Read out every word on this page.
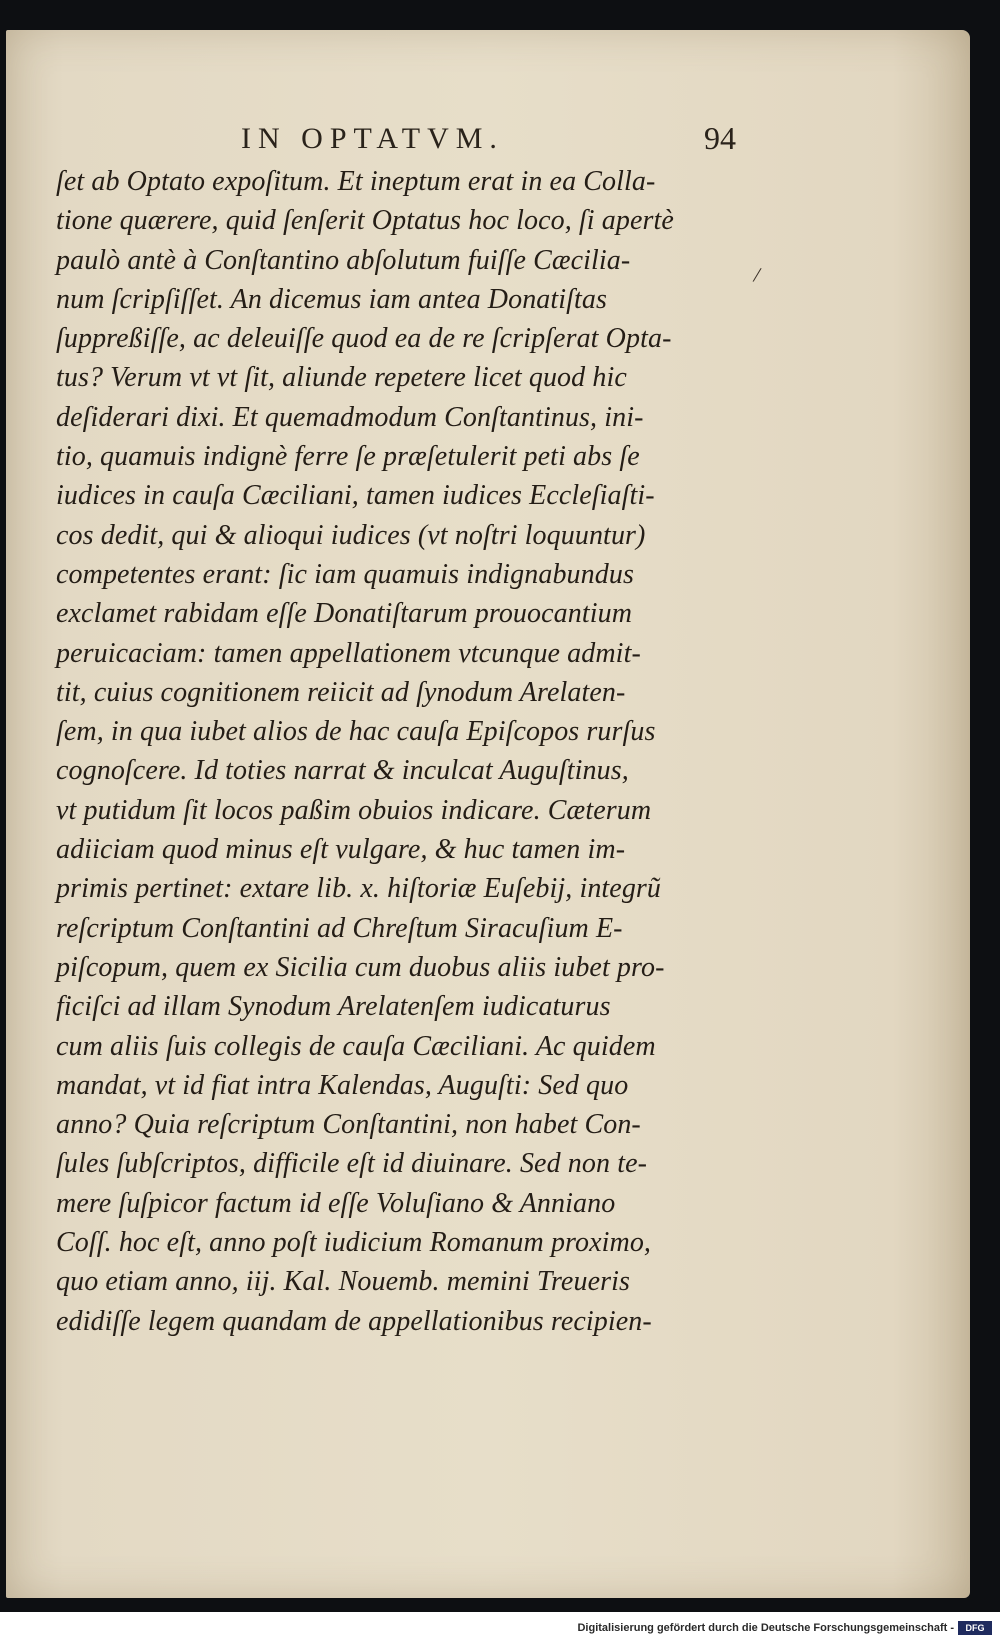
IN OPTATVM.	94
/
ſet ab Optato expoſitum. Et ineptum erat in ea Colla-
tione quærere, quid ſenſerit Optatus hoc loco, ſi apertè
paulò antè à Conſtantino abſolutum fuiſſe Cæcilia-
num ſcripſiſſet. An dicemus iam antea Donatiſtas
ſuppreßiſſe, ac deleuiſſe quod ea de re ſcripſerat Opta-
tus? Verum vt vt ſit, aliunde repetere licet quod hic
deſiderari dixi. Et quemadmodum Conſtantinus, ini-
tio, quamuis indignè ferre ſe præſetulerit peti abs ſe
iudices in cauſa Cæciliani, tamen iudices Eccleſiaſti-
cos dedit, qui & alioqui iudices (vt noſtri loquuntur)
competentes erant: ſic iam quamuis indignabundus
exclamet rabidam eſſe Donatiſtarum prouocantium
peruicaciam: tamen appellationem vtcunque admit-
tit, cuius cognitionem reiicit ad ſynodum Arelaten-
ſem, in qua iubet alios de hac cauſa Epiſcopos rurſus
cognoſcere. Id toties narrat & inculcat Auguſtinus,
vt putidum ſit locos paßim obuios indicare. Cæterum
adiiciam quod minus eſt vulgare, & huc tamen im-
primis pertinet: extare lib. x. hiſtoriæ Euſebij, integrũ
reſcriptum Conſtantini ad Chreſtum Siracuſium E-
piſcopum, quem ex Sicilia cum duobus aliis iubet pro-
ficiſci ad illam Synodum Arelatenſem iudicaturus
cum aliis ſuis collegis de cauſa Cæciliani. Ac quidem
mandat, vt id fiat intra Kalendas, Auguſti: Sed quo
anno? Quia reſcriptum Conſtantini, non habet Con-
ſules ſubſcriptos, difficile eſt id diuinare. Sed non te-
mere ſuſpicor factum id eſſe Voluſiano & Anniano
Coſſ. hoc eſt, anno poſt iudicium Romanum proximo,
quo etiam anno, iij. Kal. Nouemb. memini Treueris
edidiſſe legem quandam de appellationibus recipien-
Digitalisierung gefördert durch die Deutsche Forschungsgemeinschaft -	DFG
